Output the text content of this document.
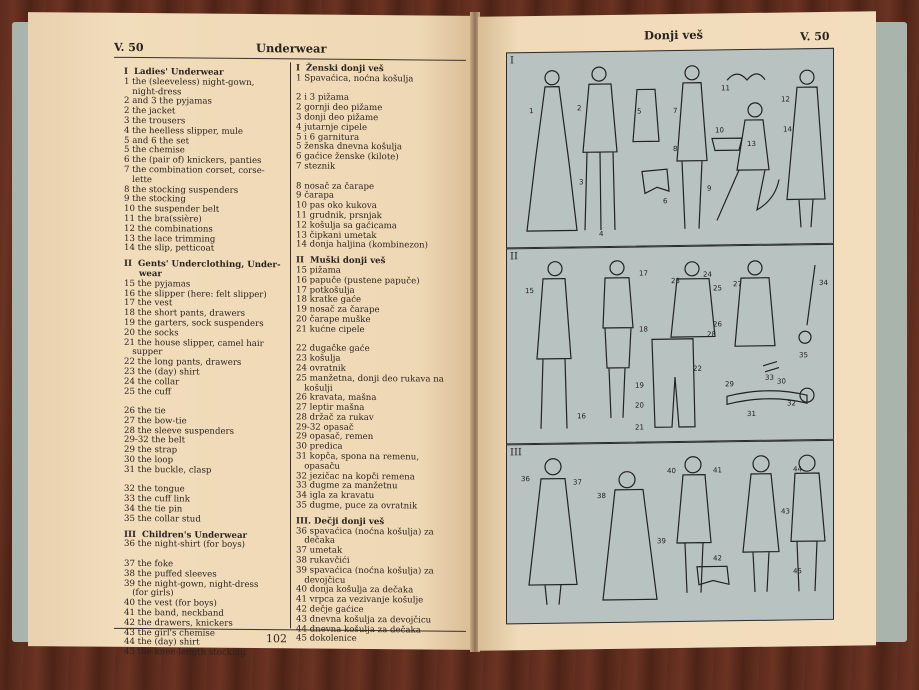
V. 50	Underwear
I  Ladies' Underwear
1 the (sleeveless) night-gown,
night-dress
2 and 3 the pyjamas
2 the jacket
3 the trousers
4 the heelless slipper, mule
5 and 6 the set
5 the chemise
6 the (pair of) knickers, panties
7 the combination corset, corse-
lette
8 the stocking suspenders
9 the stocking
10 the suspender belt
11 the bra(ssière)
12 the combinations
13 the lace trimming
14 the slip, petticoat
II  Gents' Underclothing, Under-
wear
15 the pyjamas
16 the slipper (here: felt slipper)
17 the vest
18 the short pants, drawers
19 the garters, sock suspenders
20 the socks
21 the house slipper, camel hair
supper
22 the long pants, drawers
23 the (day) shirt
24 the collar
25 the cuff

26 the tie
27 the bow-tie
28 the sleeve suspenders
29-32 the belt
29 the strap
30 the loop
31 the buckle, clasp

32 the tongue
33 the cuff link
34 the tie pin
35 the collar stud
III  Children's Underwear
36 the night-shirt (for boys)

37 the foke
38 the puffed sleeves
39 the night-gown, night-dress
(for girls)
40 the vest (for boys)
41 the band, neckband
42 the drawers, knickers
43 the girl's chemise
44 the (day) shirt
45 the knee-length stocking
I  Ženski donji veš
1 Spavaćica, noćna košulja

2 i 3 pižama
2 gornji deo pižame
3 donji deo pižame
4 jutarnje cipele
5 i 6 garnitura
5 ženska dnevna košulja
6 gaćice ženske (kilote)
7 steznik

8 nosač za čarape
9 čarapa
10 pas oko kukova
11 grudnik, prsnjak
12 košulja sa gaćicama
13 čipkani umetak
14 donja haljina (kombinezon)
II  Muški donji veš
15 pižama
16 papuče (pustene papuče)
17 potkošulja
18 kratke gaće
19 nosač za čarape
20 čarape muške
21 kućne cipele

22 dugačke gaće
23 košulja
24 ovratnik
25 manžetna, donji deo rukava na
košulji
26 kravata, mašna
27 leptir mašna
28 držač za rukav
29-32 opasač
29 opasač, remen
30 predica
31 kopča, spona na remenu,
opasaču
32 jezičac na kopči remena
33 dugme za manžetnu
34 igla za kravatu
35 dugme, puce za ovratnik
III. Dečji donji veš
36 spavaćica (noćna košulja) za
dečaka
37 umetak
38 rukavčići
39 spavaćica (noćna košulja) za
devojčicu
40 donja košulja za dečaka
41 vrpca za vezivanje košulje
42 dečje gaćice
43 dnevna košulja za devojčicu
44 dnevna košulja za dečaka
45 dokolenice
102
Donji veš	V. 50
I
1	2
3
4
5
6
7
8
9
10
11
12
13
14
II
15
16
17
18
19
20
21
22
23
24
25
26
27
28
29	30
31
32
33
34
35
III
36	37
38
39
40	41
42
43
44
45
